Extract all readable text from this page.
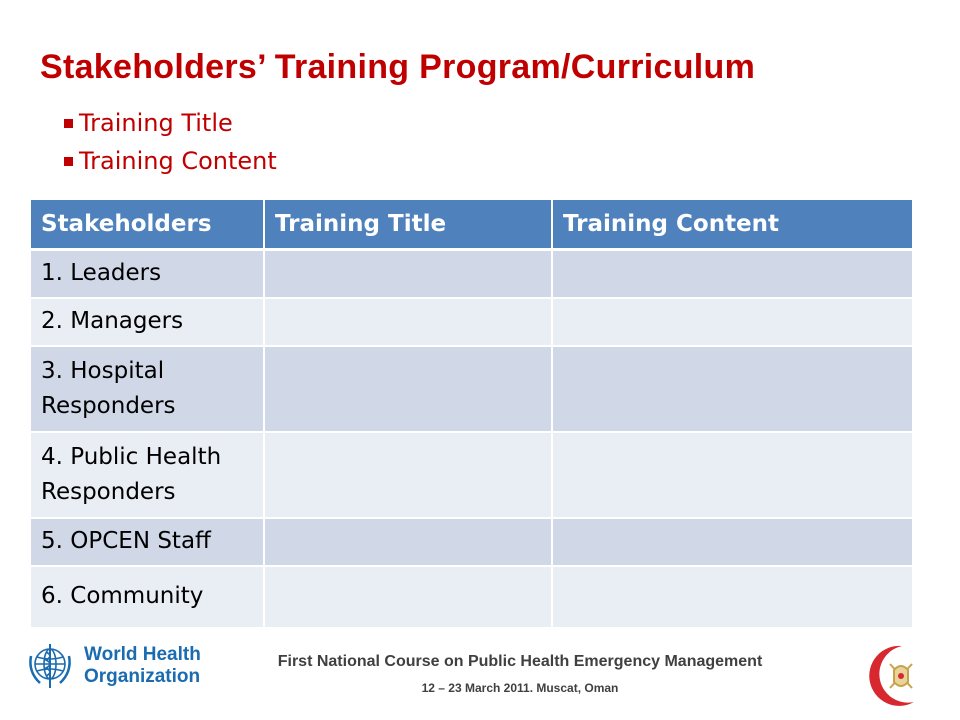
Stakeholders’ Training Program/Curriculum
Training Title
Training Content
Stakeholders	Training Title	Training Content
1. Leaders		
2. Managers		
3. Hospital Responders		
4. Public Health Responders		
5. OPCEN Staff		
6. Community		
World Health
Organization
First National Course on Public Health Emergency Management
12 – 23 March 2011. Muscat, Oman
